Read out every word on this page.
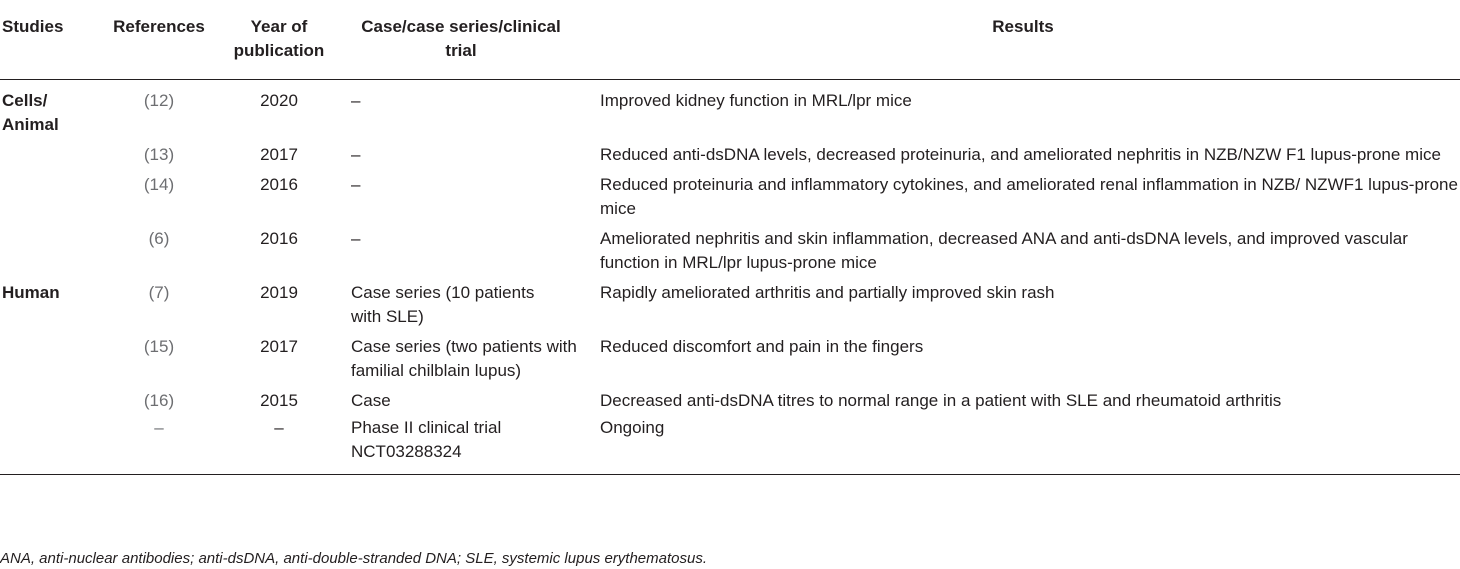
Studies	References	Year of publication	Case/case series/clinical trial	Results
Cells/ Animal	(12)	2020	–	Improved kidney function in MRL/lpr mice
	(13)	2017	–	Reduced anti-dsDNA levels, decreased proteinuria, and ameliorated nephritis in NZB/NZW F1 lupus-prone mice
	(14)	2016	–	Reduced proteinuria and inflammatory cytokines, and ameliorated renal inflammation in NZB/ NZWF1 lupus-prone mice
	(6)	2016	–	Ameliorated nephritis and skin inflammation, decreased ANA and anti-dsDNA levels, and improved vascular function in MRL/lpr lupus-prone mice
Human	(7)	2019	Case series (10 patients with SLE)	Rapidly ameliorated arthritis and partially improved skin rash
	(15)	2017	Case series (two patients with familial chilblain lupus)	Reduced discomfort and pain in the fingers
	(16)	2015	Case	Decreased anti-dsDNA titres to normal range in a patient with SLE and rheumatoid arthritis
	–	–	Phase II clinical trial NCT03288324	Ongoing
ANA, anti-nuclear antibodies; anti-dsDNA, anti-double-stranded DNA; SLE, systemic lupus erythematosus.
